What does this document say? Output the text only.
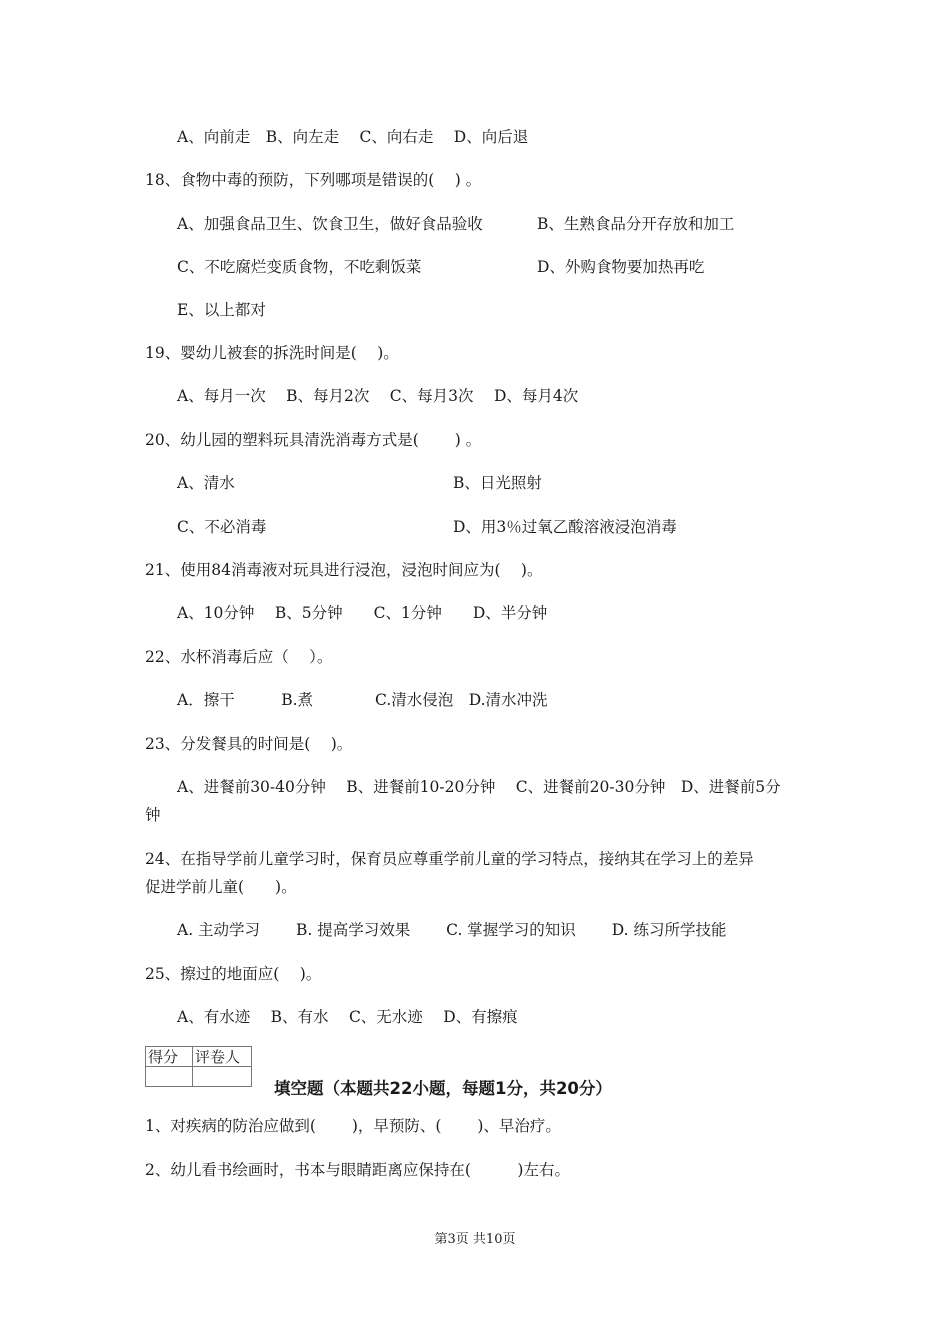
A、向前走　B、向左走　 C、向右走　 D、向后退
18、食物中毒的预防，下列哪项是错误的(　 ) 。
A、加强食品卫生、饮食卫生，做好食品验收	B、生熟食品分开存放和加工
C、不吃腐烂变质食物，不吃剩饭菜	D、外购食物要加热再吃
E、以上都对
19、婴幼儿被套的拆洗时间是(　 )。
A、每月一次　 B、每月2次　 C、每月3次　 D、每月4次
20、幼儿园的塑料玩具清洗消毒方式是(　　 ) 。
A、清水	B、日光照射
C、不必消毒	D、用3％过氧乙酸溶液浸泡消毒
21、使用84消毒液对玩具进行浸泡，浸泡时间应为(　 )。
A、10分钟　 B、5分钟　　C、1分钟　　D、半分钟
22、水杯消毒后应（　 ）。
A．擦干　　　B.煮　　　　C.清水侵泡　D.清水冲洗
23、分发餐具的时间是(　 )。
A、进餐前30-40分钟　 B、进餐前10-20分钟　 C、进餐前20-30分钟　D、进餐前5分
钟
24、在指导学前儿童学习时，保育员应尊重学前儿童的学习特点，接纳其在学习上的差异
促进学前儿童(　　)。
A. 主动学习　　 B. 提高学习效果　　 C. 掌握学习的知识　　 D. 练习所学技能
25、擦过的地面应(　 )。
A、有水迹　 B、有水　 C、无水迹　 D、有擦痕
得分	评卷人

填空题（本题共22小题，每题1分，共20分）
1、对疾病的防治应做到(　　 )，早预防、(　　 )、早治疗。
2、幼儿看书绘画时，书本与眼睛距离应保持在(　　　)左右。
第3页 共10页
